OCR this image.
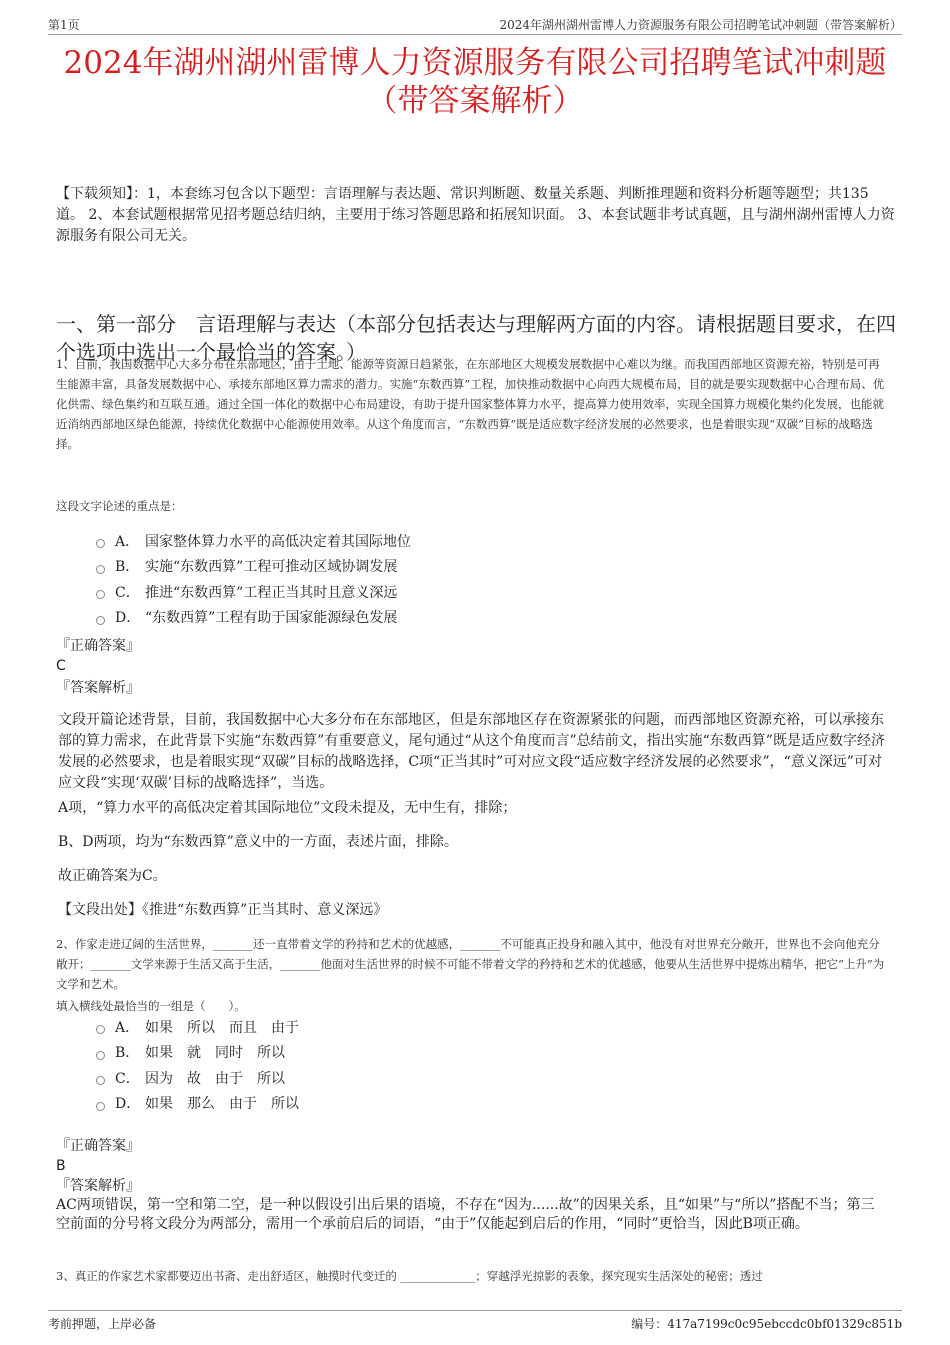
第1页	2024年湖州湖州雷博人力资源服务有限公司招聘笔试冲刺题（带答案解析）
2024年湖州湖州雷博人力资源服务有限公司招聘笔试冲刺题
（带答案解析）
【下载须知】：1，本套练习包含以下题型：言语理解与表达题、常识判断题、数量关系题、判断推理题和资料分析题等题型；共135道。 2、本套试题根据常见招考题总结归纳，主要用于练习答题思路和拓展知识面。 3、本套试题非考试真题，且与湖州湖州雷博人力资源服务有限公司无关。
一、第一部分　言语理解与表达（本部分包括表达与理解两方面的内容。请根据题目要求，在四个选项中选出一个最恰当的答案。）
1、目前，我国数据中心大多分布在东部地区，由于土地、能源等资源日趋紧张，在东部地区大规模发展数据中心难以为继。而我国西部地区资源充裕，特别是可再生能源丰富，具备发展数据中心、承接东部地区算力需求的潜力。实施“东数西算”工程，加快推动数据中心向西大规模布局，目的就是要实现数据中心合理布局、优化供需、绿色集约和互联互通。通过全国一体化的数据中心布局建设，有助于提升国家整体算力水平，提高算力使用效率，实现全国算力规模化集约化发展，也能就近消纳西部地区绿色能源，持续优化数据中心能源使用效率。从这个角度而言，“东数西算”既是适应数字经济发展的必然要求，也是着眼实现“双碳”目标的战略选择。
这段文字论述的重点是：
A． 国家整体算力水平的高低决定着其国际地位
B． 实施“东数西算”工程可推动区域协调发展
C． 推进“东数西算”工程正当其时且意义深远
D． “东数西算”工程有助于国家能源绿色发展
『正确答案』
C
『答案解析』
文段开篇论述背景，目前，我国数据中心大多分布在东部地区，但是东部地区存在资源紧张的问题，而西部地区资源充裕，可以承接东部的算力需求，在此背景下实施“东数西算”有重要意义，尾句通过“从这个角度而言”总结前文，指出实施“东数西算”既是适应数字经济发展的必然要求，也是着眼实现“双碳”目标的战略选择，C项“正当其时”可对应文段“适应数字经济发展的必然要求”，“意义深远”可对应文段“实现‘双碳’目标的战略选择”，当选。
A项，“算力水平的高低决定着其国际地位”文段未提及，无中生有，排除；
B、D两项，均为“东数西算”意义中的一方面，表述片面，排除。
故正确答案为C。
【文段出处】《推进“东数西算”正当其时、意义深远》
2、作家走进辽阔的生活世界，_______还一直带着文学的矜持和艺术的优越感，_______不可能真正投身和融入其中，他没有对世界充分敞开，世界也不会向他充分敞开；_______文学来源于生活又高于生活，_______他面对生活世界的时候不可能不带着文学的矜持和艺术的优越感，他要从生活世界中提炼出精华，把它“上升”为文学和艺术。
填入横线处最恰当的一组是（　　）。
A． 如果　所以　而且　由于
B． 如果　就　同时　所以
C． 因为　故　由于　所以
D． 如果　那么　由于　所以
『正确答案』
B
『答案解析』
AC两项错误，第一空和第二空，是一种以假设引出后果的语境，不存在“因为......故”的因果关系，且“如果”与“所以”搭配不当；第三空前面的分号将文段分为两部分，需用一个承前启后的词语，“由于”仅能起到启后的作用，“同时”更恰当，因此B项正确。
3、真正的作家艺术家都要迈出书斋、走出舒适区，触摸时代变迁的 _____________；穿越浮光掠影的表象，探究现实生活深处的秘密；透过
考前押题，上岸必备	编号：417a7199c0c95ebccdc0bf01329c851b
